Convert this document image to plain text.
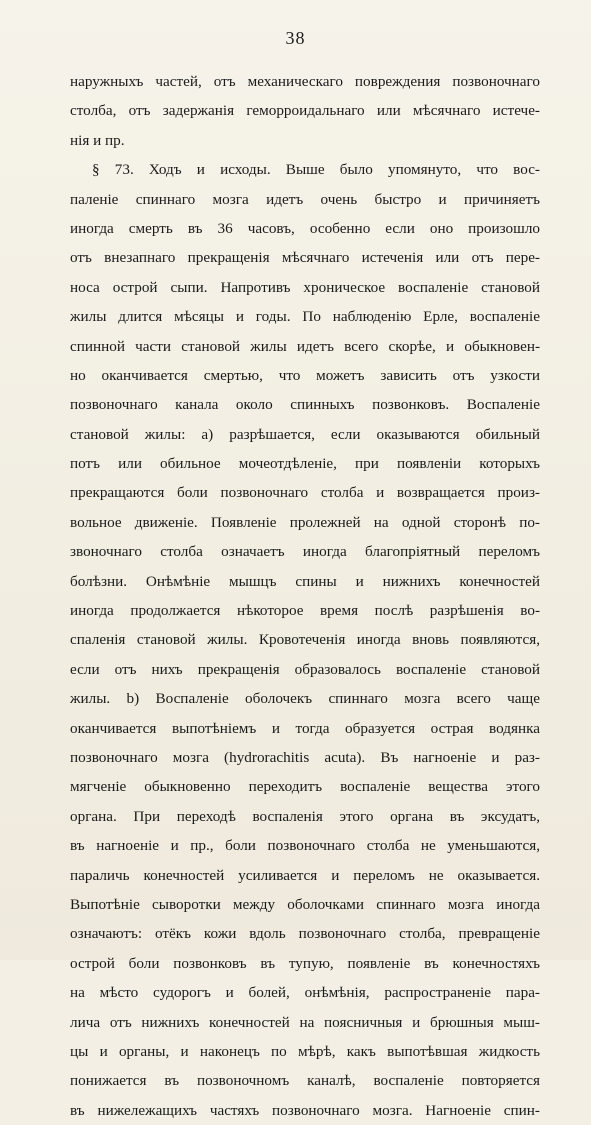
38
наружныхъ частей, отъ механическаго повреждения позвоночнаго
столба, отъ задержанія геморроидальнаго или мѣсячнаго истече-
нія и пр.
§ 73. Ходъ и исходы. Выше было упомянуто, что вос-
паленіе спиннаго мозга идетъ очень быстро и причиняетъ
иногда смерть въ 36 часовъ, особенно если оно произошло
отъ внезапнаго прекращенія мѣсячнаго истеченія или отъ пере-
носа острой сыпи. Напротивъ хроническое воспаленіе становой
жилы длится мѣсяцы и годы. По наблюденію Ерле, воспаленіе
спинной части становой жилы идетъ всего скорѣе, и обыкновен-
но оканчивается смертью, что можетъ зависить отъ узкости
позвоночнаго канала около спинныхъ позвонковъ. Воспаленіе
становой жилы: а) разрѣшается, если оказываются обильный
потъ или обильное мочеотдѣленіе, при появленіи которыхъ
прекращаются боли позвоночнаго столба и возвращается произ-
вольное движеніе. Появленіе пролежней на одной сторонѣ по-
звоночнаго столба означаетъ иногда благопріятный переломъ
болѣзни. Онѣмѣніе мышцъ спины и нижнихъ конечностей
иногда продолжается нѣкоторое время послѣ разрѣшенія во-
спаленія становой жилы. Кровотеченія иногда вновь появляются,
если отъ нихъ прекращенія образовалось воспаленіе становой
жилы. b) Воспаленіе оболочекъ спиннаго мозга всего чаще
оканчивается выпотѣніемъ и тогда образуется острая водянка
позвоночнаго мозга (hydrorachitis acuta). Въ нагноеніе и раз-
мягченіе обыкновенно переходитъ воспаленіе вещества этого
органа. При переходѣ воспаленія этого органа въ эксудатъ,
въ нагноеніе и пр., боли позвоночнаго столба не уменьшаются,
параличь конечностей усиливается и переломъ не оказывается.
Выпотѣніе сыворотки между оболочками спиннаго мозга иногда
означаютъ: отёкъ кожи вдоль позвоночнаго столба, превращеніе
острой боли позвонковъ въ тупую, появленіе въ конечностяхъ
на мѣсто судорогъ и болей, онѣмѣнія, распространеніе пара-
лича отъ нижнихъ конечностей на поясничныя и брюшныя мыш-
цы и органы, и наконецъ по мѣрѣ, какъ выпотѣвшая жидкость
понижается въ позвоночномъ каналѣ, воспаленіе повторяется
въ нижележащихъ частяхъ позвоночнаго мозга. Нагноеніе спин-
